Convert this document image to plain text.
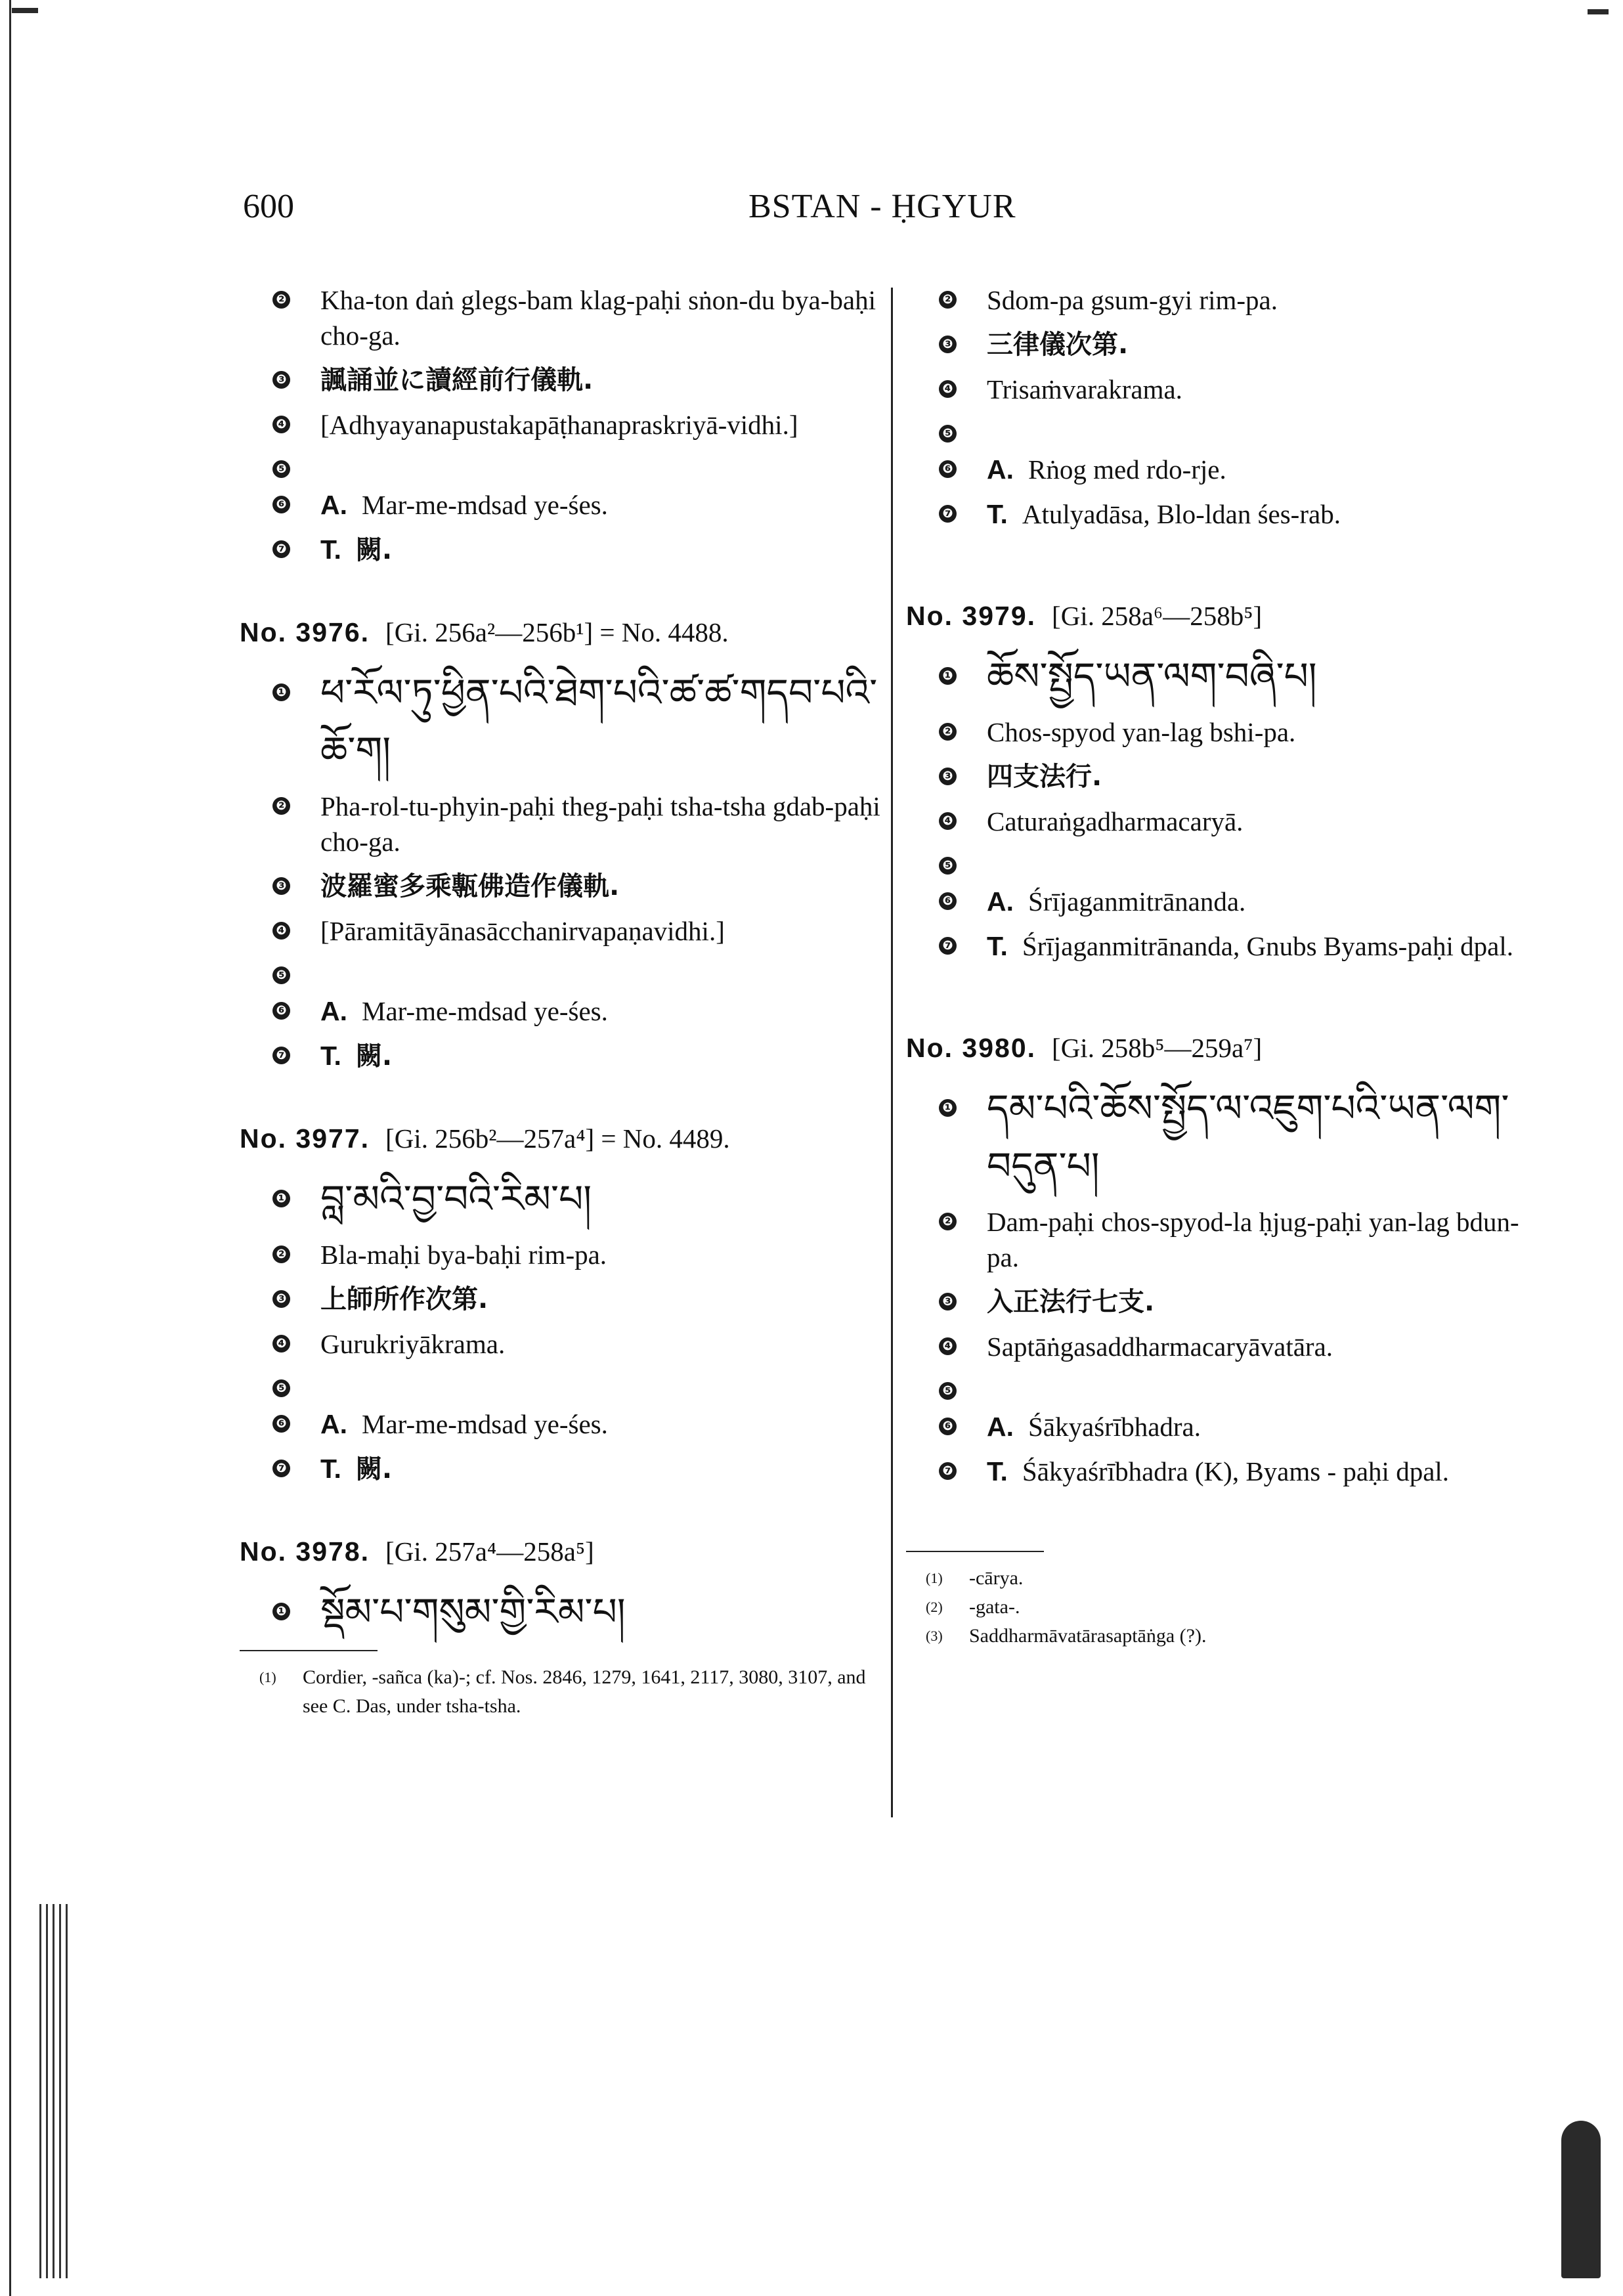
600	BSTAN - ḤGYUR
❷ Kha-ton daṅ glegs-bam klag-paḥi sṅon-du bya-baḥi cho-ga.
❸ 諷誦並に讀經前行儀軌.
❹ [Adhyayanapustakapāṭhanapraskriyā-vidhi.]
❺
❻ A. Mar-me-mdsad ye-śes.
❼ T. 闕.
No. 3976. [Gi. 256a²—256b¹] = No. 4488.
❶ ཕ་རོལ་ཏུ་ཕྱིན་པའི་ཐེག་པའི་ཚ་ཚ་གདབ་པའི་ཆོ་ག།
❷ Pha-rol-tu-phyin-paḥi theg-paḥi tsha-tsha gdab-paḥi cho-ga.
❸ 波羅蜜多乘甎佛造作儀軌.
❹ [Pāramitāyānasācchanirvapaṇavidhi.]
❺
❻ A. Mar-me-mdsad ye-śes.
❼ T. 闕.
No. 3977. [Gi. 256b²—257a⁴] = No. 4489.
❶ བླ་མའི་བྱ་བའི་རིམ་པ།
❷ Bla-maḥi bya-baḥi rim-pa.
❸ 上師所作次第.
❹ Gurukriyākrama.
❺
❻ A. Mar-me-mdsad ye-śes.
❼ T. 闕.
No. 3978. [Gi. 257a⁴—258a⁵]
❶ སྡོམ་པ་གསུམ་གྱི་རིམ་པ།
(1)	Cordier, -sañca (ka)-; cf. Nos. 2846, 1279, 1641, 2117, 3080, 3107, and see C. Das, under tsha-tsha.
❷ Sdom-pa gsum-gyi rim-pa.
❸ 三律儀次第.
❹ Trisaṁvarakrama.
❺
❻ A. Rṅog med rdo-rje.
❼ T. Atulyadāsa, Blo-ldan śes-rab.
No. 3979. [Gi. 258a⁶—258b⁵]
❶ ཆོས་སྤྱོད་ཡན་ལག་བཞི་པ།
❷ Chos-spyod yan-lag bshi-pa.
❸ 四支法行.
❹ Caturaṅgadharmacaryā.
❺
❻ A. Śrījaganmitrānanda.
❼ T. Śrījaganmitrānanda, Gnubs Byams-paḥi dpal.
No. 3980. [Gi. 258b⁵—259a⁷]
❶ དམ་པའི་ཆོས་སྤྱོད་ལ་འཇུག་པའི་ཡན་ལག་བདུན་པ།
❷ Dam-paḥi chos-spyod-la ḥjug-paḥi yan-lag bdun-pa.
❸ 入正法行七支.
❹ Saptāṅgasaddharmacaryāvatāra.
❺
❻ A. Śākyaśrībhadra.
❼ T. Śākyaśrībhadra (K), Byams - paḥi dpal.
(1)	-cārya.
(2)	-gata-.
(3)	Saddharmāvatārasaptāṅga (?).
